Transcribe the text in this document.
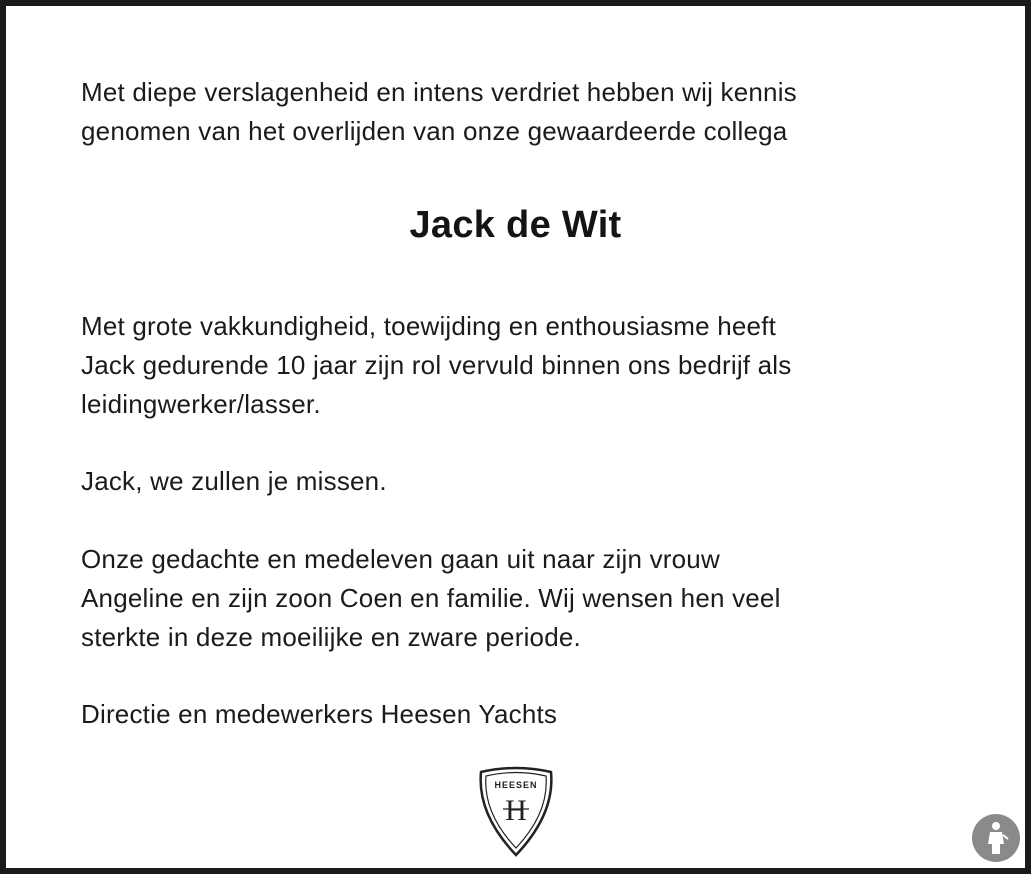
Met diepe verslagenheid en intens verdriet hebben wij kennis

genomen van het overlijden van onze gewaardeerde collega

Jack de Wit

Met grote vakkundigheid, toewijding en enthousiasme heeft

Jack gedurende 10 jaar zijn rol vervuld binnen ons bedrijf als

leidingwerker/lasser.

Jack, we zullen je missen.

Onze gedachte en medeleven gaan uit naar zijn vrouw

Angeline en zijn zoon Coen en familie. Wij wensen hen veel

sterkte in deze moeilijke en zware periode.

Directie en medewerkers Heesen Yachts

HEESEN
H
